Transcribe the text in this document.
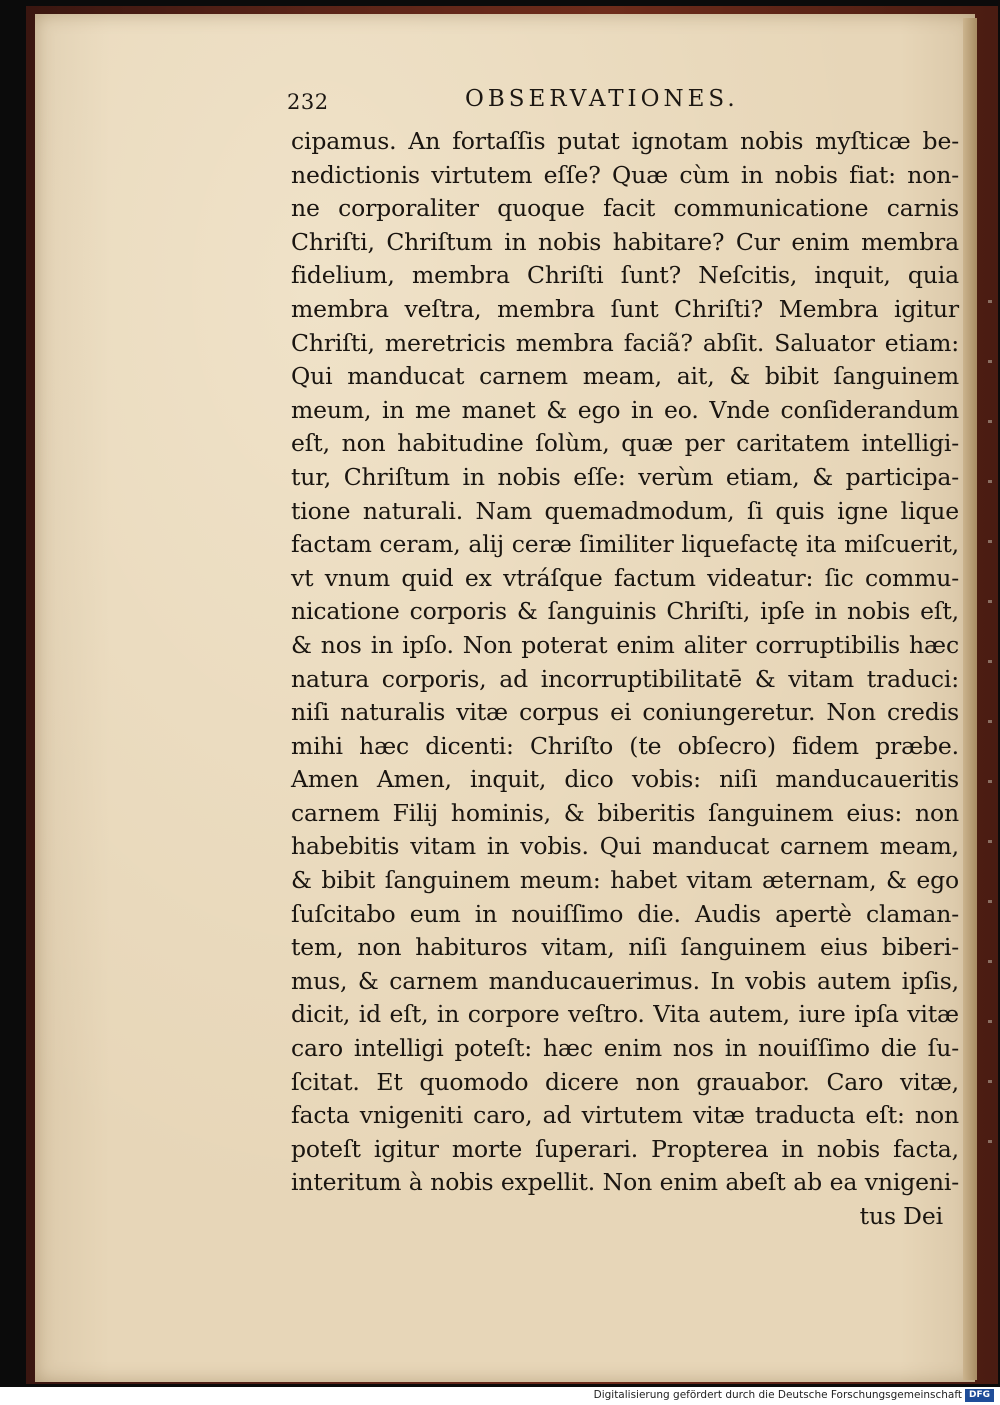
232	OBSERVATIONES.
cipamus. An fortaſſis putat ignotam nobis myſticæ be-
nedictionis virtutem eſſe? Quæ cùm in nobis fiat: non-
ne corporaliter quoque facit communicatione carnis
Chriſti, Chriſtum in nobis habitare? Cur enim membra
fidelium, membra Chriſti ſunt? Neſcitis, inquit, quia
membra veſtra, membra ſunt Chriſti? Membra igitur
Chriſti, meretricis membra faciã? abſit. Saluator etiam:
Qui manducat carnem meam, ait, & bibit ſanguinem
meum, in me manet & ego in eo. Vnde conſiderandum
eſt, non habitudine ſolùm, quæ per caritatem intelligi-
tur, Chriſtum in nobis eſſe: verùm etiam, & participa-
tione naturali. Nam quemadmodum, ſi quis igne lique
factam ceram, alij ceræ ſimiliter liquefactę ita miſcuerit,
vt vnum quid ex vtráſque factum videatur: ſic commu-
nicatione corporis & ſanguinis Chriſti, ipſe in nobis eſt,
& nos in ipſo. Non poterat enim aliter corruptibilis hæc
natura corporis, ad incorruptibilitatē & vitam traduci:
niſi naturalis vitæ corpus ei coniungeretur. Non credis
mihi hæc dicenti: Chriſto (te obſecro) fidem præbe.
Amen Amen, inquit, dico vobis: niſi manducaueritis
carnem Filij hominis, & biberitis ſanguinem eius: non
habebitis vitam in vobis. Qui manducat carnem meam,
& bibit ſanguinem meum: habet vitam æternam, & ego
ſuſcitabo eum in nouiſſimo die. Audis apertè claman-
tem, non habituros vitam, niſi ſanguinem eius biberi-
mus, & carnem manducauerimus. In vobis autem ipſis,
dicit, id eſt, in corpore veſtro. Vita autem, iure ipſa vitæ
caro intelligi poteſt: hæc enim nos in nouiſſimo die ſu-
ſcitat. Et quomodo dicere non grauabor. Caro vitæ,
facta vnigeniti caro, ad virtutem vitæ traducta eſt: non
poteſt igitur morte ſuperari. Propterea in nobis facta,
interitum à nobis expellit. Non enim abeſt ab ea vnigeni-
tus Dei
Digitalisierung gefördert durch die Deutsche Forschungsgemeinschaft DFG
